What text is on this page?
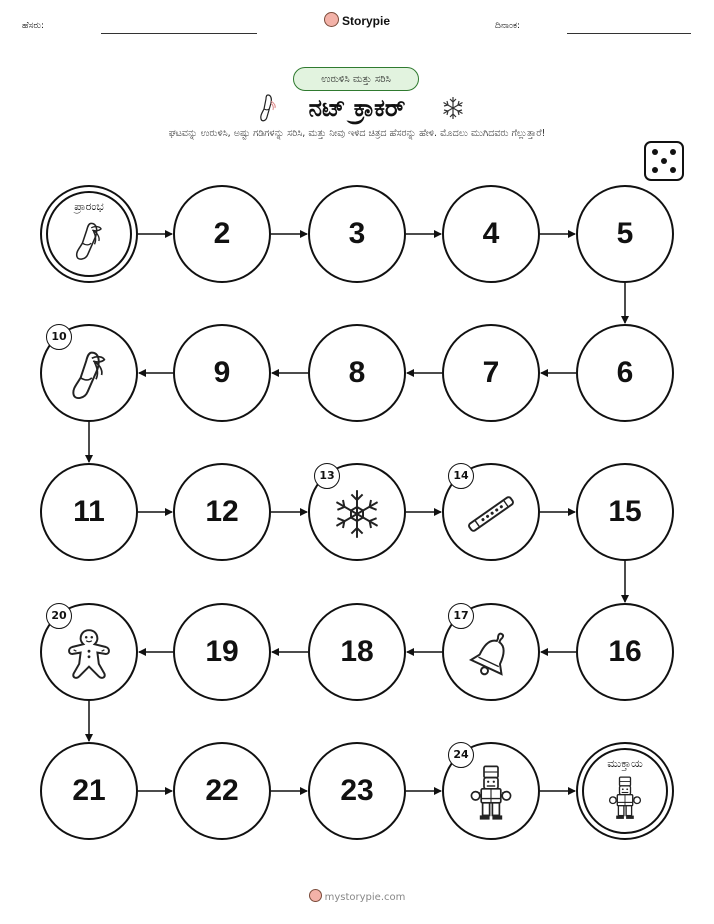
ಹೆಸರು:	Storypie	ದಿನಾಂಕ:
ಉರುಳಿಸಿ ಮತ್ತು ಸರಿಸಿ
ನಟ್ ಕ್ರಾಕರ್
ಘಟವನ್ನು ಉರುಳಿಸಿ, ಅಷ್ಟು ಗಡಿಗಳನ್ನು ಸರಿಸಿ, ಮತ್ತು ನೀವು ಇಳಿದ ಚಿತ್ರದ ಹೆಸರನ್ನು ಹೇಳಿ. ಮೊದಲು ಮುಗಿದವರು ಗೆಲ್ಲುತ್ತಾರೆ!
ಪ್ರಾರಂಭ
2	3	4	5
6
7
8
9
10
11	12
13	14
15
16
17
18
19
20
21	22	23
24
ಮುಕ್ತಾಯ
mystorypie.com
